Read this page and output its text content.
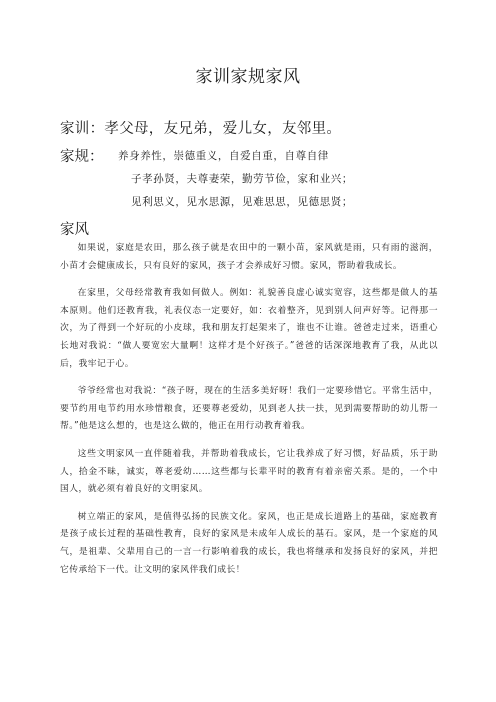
家训家规家风
家训：孝父母，友兄弟，爱儿女，友邻里。
家规： 养身养性，崇德重义，自爱自重，自尊自律
子孝孙贤，夫尊妻荣，勤劳节俭，家和业兴；
见利思义，见水思源，见难思思，见德思贤；
家风

如果说，家庭是农田，那么孩子就是农田中的一颗小苗，家风就是雨，只有雨的滋润，小苗才会健康成长，只有良好的家风，孩子才会养成好习惯。家风，帮助着我成长。

在家里，父母经常教育我如何做人。例如：礼貌善良虚心诚实宽容，这些都是做人的基本原则。他们还教育我，礼表仪态一定要好，如：衣着整齐，见到别人问声好等。记得那一次，为了得到一个好玩的小皮球，我和朋友打起架来了，谁也不让谁。爸爸走过来，语重心长地对我说：“做人要宽宏大量啊！这样才是个好孩子。”爸爸的话深深地教育了我，从此以后，我牢记于心。

爷爷经常也对我说：“孩子呀，现在的生活多美好呀！我们一定要珍惜它。平常生活中，要节约用电节约用水珍惜粮食，还要尊老爱幼，见到老人扶一扶，见到需要帮助的幼儿帮一帮。”他是这么想的，也是这么做的，他正在用行动教育着我。

这些文明家风一直伴随着我，并帮助着我成长，它让我养成了好习惯，好品质，乐于助人，拾金不昧，诚实，尊老爱幼……这些都与长辈平时的教育有着亲密关系。是的，一个中国人，就必须有着良好的文明家风。

树立端正的家风，是值得弘扬的民族文化。家风，也正是成长道路上的基础，家庭教育是孩子成长过程的基础性教育，良好的家风是未成年人成长的基石。家风，是一个家庭的风气，是祖辈、父辈用自己的一言一行影响着我的成长，我也将继承和发扬良好的家风，并把它传承给下一代。让文明的家风伴我们成长！
